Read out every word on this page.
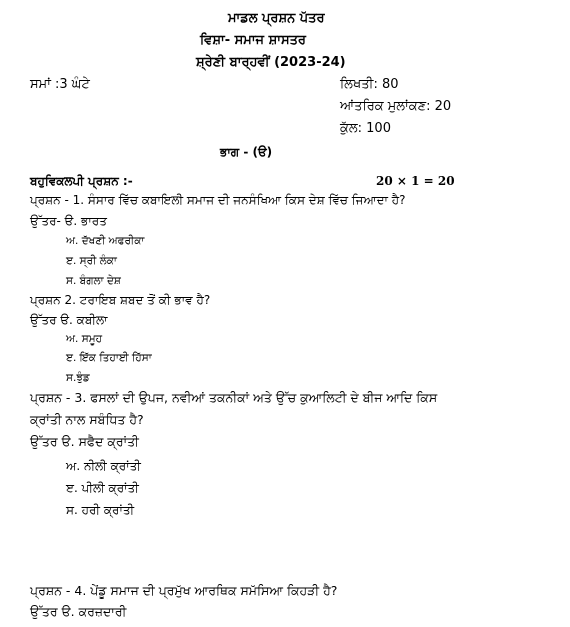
ਮਾਡਲ ਪ੍ਰਸ਼ਨ ਪੱਤਰ
ਵਿਸ਼ਾ- ਸਮਾਜ ਸ਼ਾਸਤਰ
ਸ਼੍ਰੇਣੀ ਬਾਰ੍ਹਵੀਂ (2023-24)
ਸਮਾਂ :3 ਘੰਟੇ	ਲਿਖਤੀ: 80
ਆਂਤਰਿਕ ਮੁਲਾਂਕਣ: 20
ਕੁੱਲ: 100
ਭਾਗ - (ੳ)
ਬਹੁਵਿਕਲਪੀ ਪ੍ਰਸ਼ਨ :-	20 × 1 = 20
ਪ੍ਰਸ਼ਨ - 1. ਸੰਸਾਰ ਵਿੱਚ ਕਬਾਇਲੀ ਸਮਾਜ ਦੀ ਜਨਸੰਖਿਆ ਕਿਸ ਦੇਸ਼ ਵਿੱਚ ਜਿਆਦਾ ਹੈ?
ਉੱਤਰ- ੳ. ਭਾਰਤ
ਅ. ਦੱਖਣੀ ਅਫਰੀਕਾ
ੲ. ਸ੍ਰੀ ਲੰਕਾ
ਸ. ਬੰਗਲਾ ਦੇਸ਼
ਪ੍ਰਸ਼ਨ 2. ਟਰਾਇਬ ਸ਼ਬਦ ਤੋਂ ਕੀ ਭਾਵ ਹੈ?
ਉੱਤਰ ੳ. ਕਬੀਲਾ
ਅ. ਸਮੂਹ
ੲ. ਇੱਕ ਤਿਹਾਈ ਹਿੱਸਾ
ਸ.ਝੁੰਡ
ਪ੍ਰਸ਼ਨ - 3. ਫਸਲਾਂ ਦੀ ਉਪਜ, ਨਵੀਆਂ ਤਕਨੀਕਾਂ ਅਤੇ ਉੱਚ ਕੁਆਲਿਟੀ ਦੇ ਬੀਜ ਆਦਿ ਕਿਸ
ਕ੍ਰਾਂਤੀ ਨਾਲ ਸਬੰਧਿਤ ਹੈ?
ਉੱਤਰ ੳ. ਸਫੈਦ ਕ੍ਰਾਂਤੀ
ਅ. ਨੀਲੀ ਕ੍ਰਾਂਤੀ
ੲ. ਪੀਲੀ ਕ੍ਰਾਂਤੀ
ਸ. ਹਰੀ ਕ੍ਰਾਂਤੀ
ਪ੍ਰਸ਼ਨ - 4. ਪੇਂਡੂ ਸਮਾਜ ਦੀ ਪ੍ਰਮੁੱਖ ਆਰਥਿਕ ਸਮੱਸਿਆ ਕਿਹੜੀ ਹੈ?
ਉੱਤਰ ੳ. ਕਰਜ਼ਦਾਰੀ
